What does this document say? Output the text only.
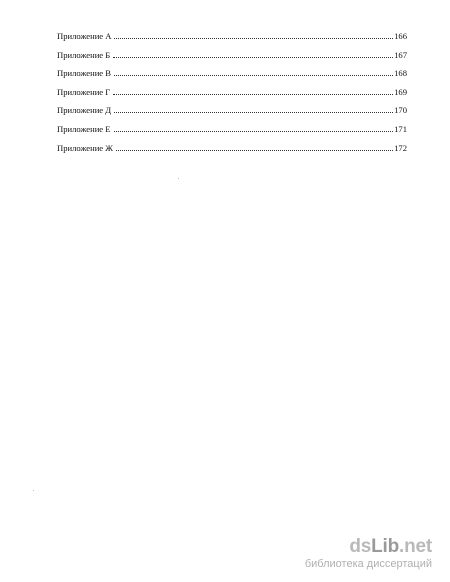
Приложение А	166
Приложение Б	167
Приложение В	168
Приложение Г	169
Приложение Д	170
Приложение Е	171
Приложение Ж	172
ds Lib .net
библиотека диссертаций
